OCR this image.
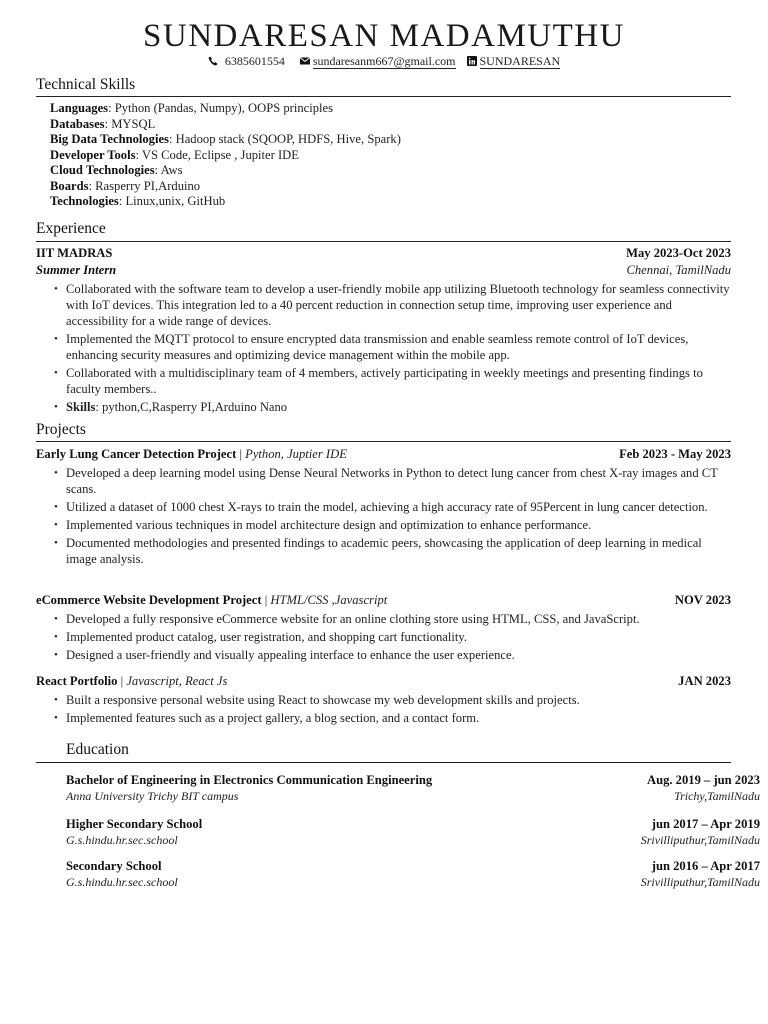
SUNDARESAN MADAMUTHU
6385601554 sundaresanm667@gmail.com SUNDARESAN
Technical Skills
Languages: Python (Pandas, Numpy), OOPS principles
Databases: MYSQL
Big Data Technologies: Hadoop stack (SQOOP, HDFS, Hive, Spark)
Developer Tools: VS Code, Eclipse , Jupiter IDE
Cloud Technologies: Aws
Boards: Rasperry PI,Arduino
Technologies: Linux,unix, GitHub
Experience
IIT MADRAS	May 2023-Oct 2023
Summer Intern	Chennai, TamilNadu
• Collaborated with the software team to develop a user-friendly mobile app utilizing Bluetooth technology for seamless connectivity with IoT devices. This integration led to a 40 percent reduction in connection setup time, improving user experience and accessibility for a wide range of devices.
• Implemented the MQTT protocol to ensure encrypted data transmission and enable seamless remote control of IoT devices, enhancing security measures and optimizing device management within the mobile app.
• Collaborated with a multidisciplinary team of 4 members, actively participating in weekly meetings and presenting findings to faculty members..
• Skills: python,C,Rasperry PI,Arduino Nano
Projects
Early Lung Cancer Detection Project | Python, Juptier IDE	Feb 2023 - May 2023
• Developed a deep learning model using Dense Neural Networks in Python to detect lung cancer from chest X-ray images and CT scans.
• Utilized a dataset of 1000 chest X-rays to train the model, achieving a high accuracy rate of 95Percent in lung cancer detection.
• Implemented various techniques in model architecture design and optimization to enhance performance.
• Documented methodologies and presented findings to academic peers, showcasing the application of deep learning in medical image analysis.
eCommerce Website Development Project | HTML/CSS ,Javascript	NOV 2023
• Developed a fully responsive eCommerce website for an online clothing store using HTML, CSS, and JavaScript.
• Implemented product catalog, user registration, and shopping cart functionality.
• Designed a user-friendly and visually appealing interface to enhance the user experience.
React Portfolio | Javascript, React Js	JAN 2023
• Built a responsive personal website using React to showcase my web development skills and projects.
• Implemented features such as a project gallery, a blog section, and a contact form.
Education
Bachelor of Engineering in Electronics Communication Engineering	Aug. 2019 – jun 2023
Anna University Trichy BIT campus	Trichy,TamilNadu
Higher Secondary School	jun 2017 – Apr 2019
G.s.hindu.hr.sec.school	Srivilliputhur,TamilNadu
Secondary School	jun 2016 – Apr 2017
G.s.hindu.hr.sec.school	Srivilliputhur,TamilNadu
